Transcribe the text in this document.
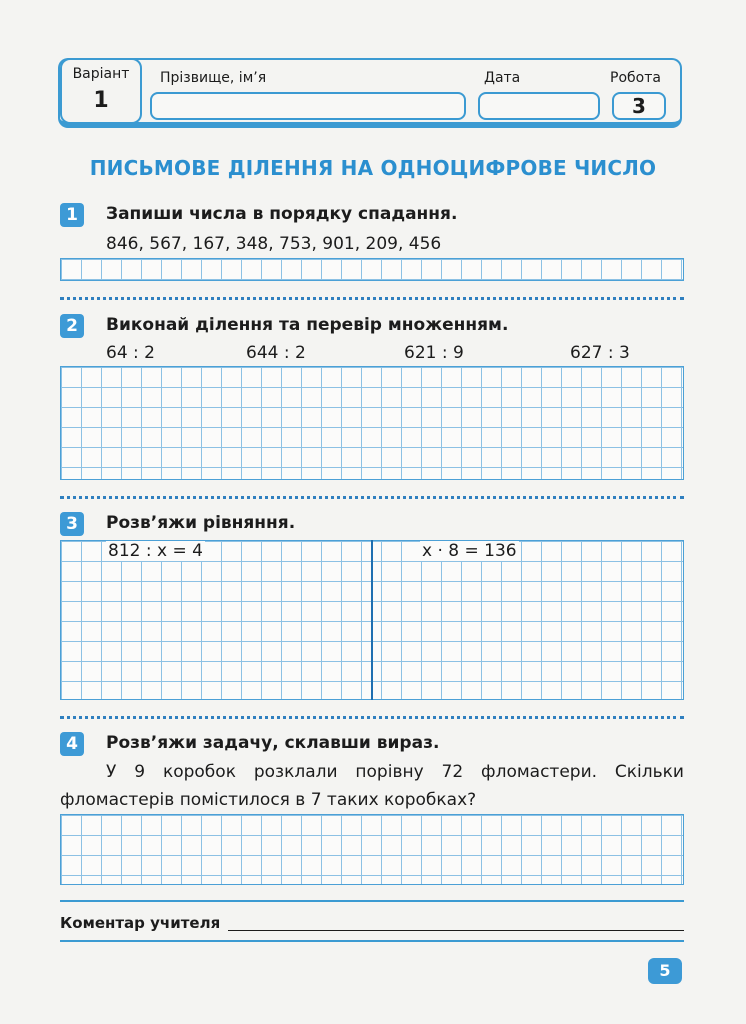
Варіант
1
Прізвище, ім’я	Дата	Робота
3
ПИСЬМОВЕ ДІЛЕННЯ НА ОДНОЦИФРОВЕ ЧИСЛО
1	Запиши числа в порядку спадання.
846, 567, 167, 348, 753, 901, 209, 456
2	Виконай ділення та перевір множенням.
64 : 2	644 : 2	621 : 9	627 : 3
3	Розв’яжи рівняння.
812 : x = 4	x · 8 = 136
4	Розв’яжи задачу, склавши вираз.
У 9 коробок розклали порівну 72 фломастери. Скільки фломастерів помістилося в 7 таких коробках?
Коментар учителя
5
